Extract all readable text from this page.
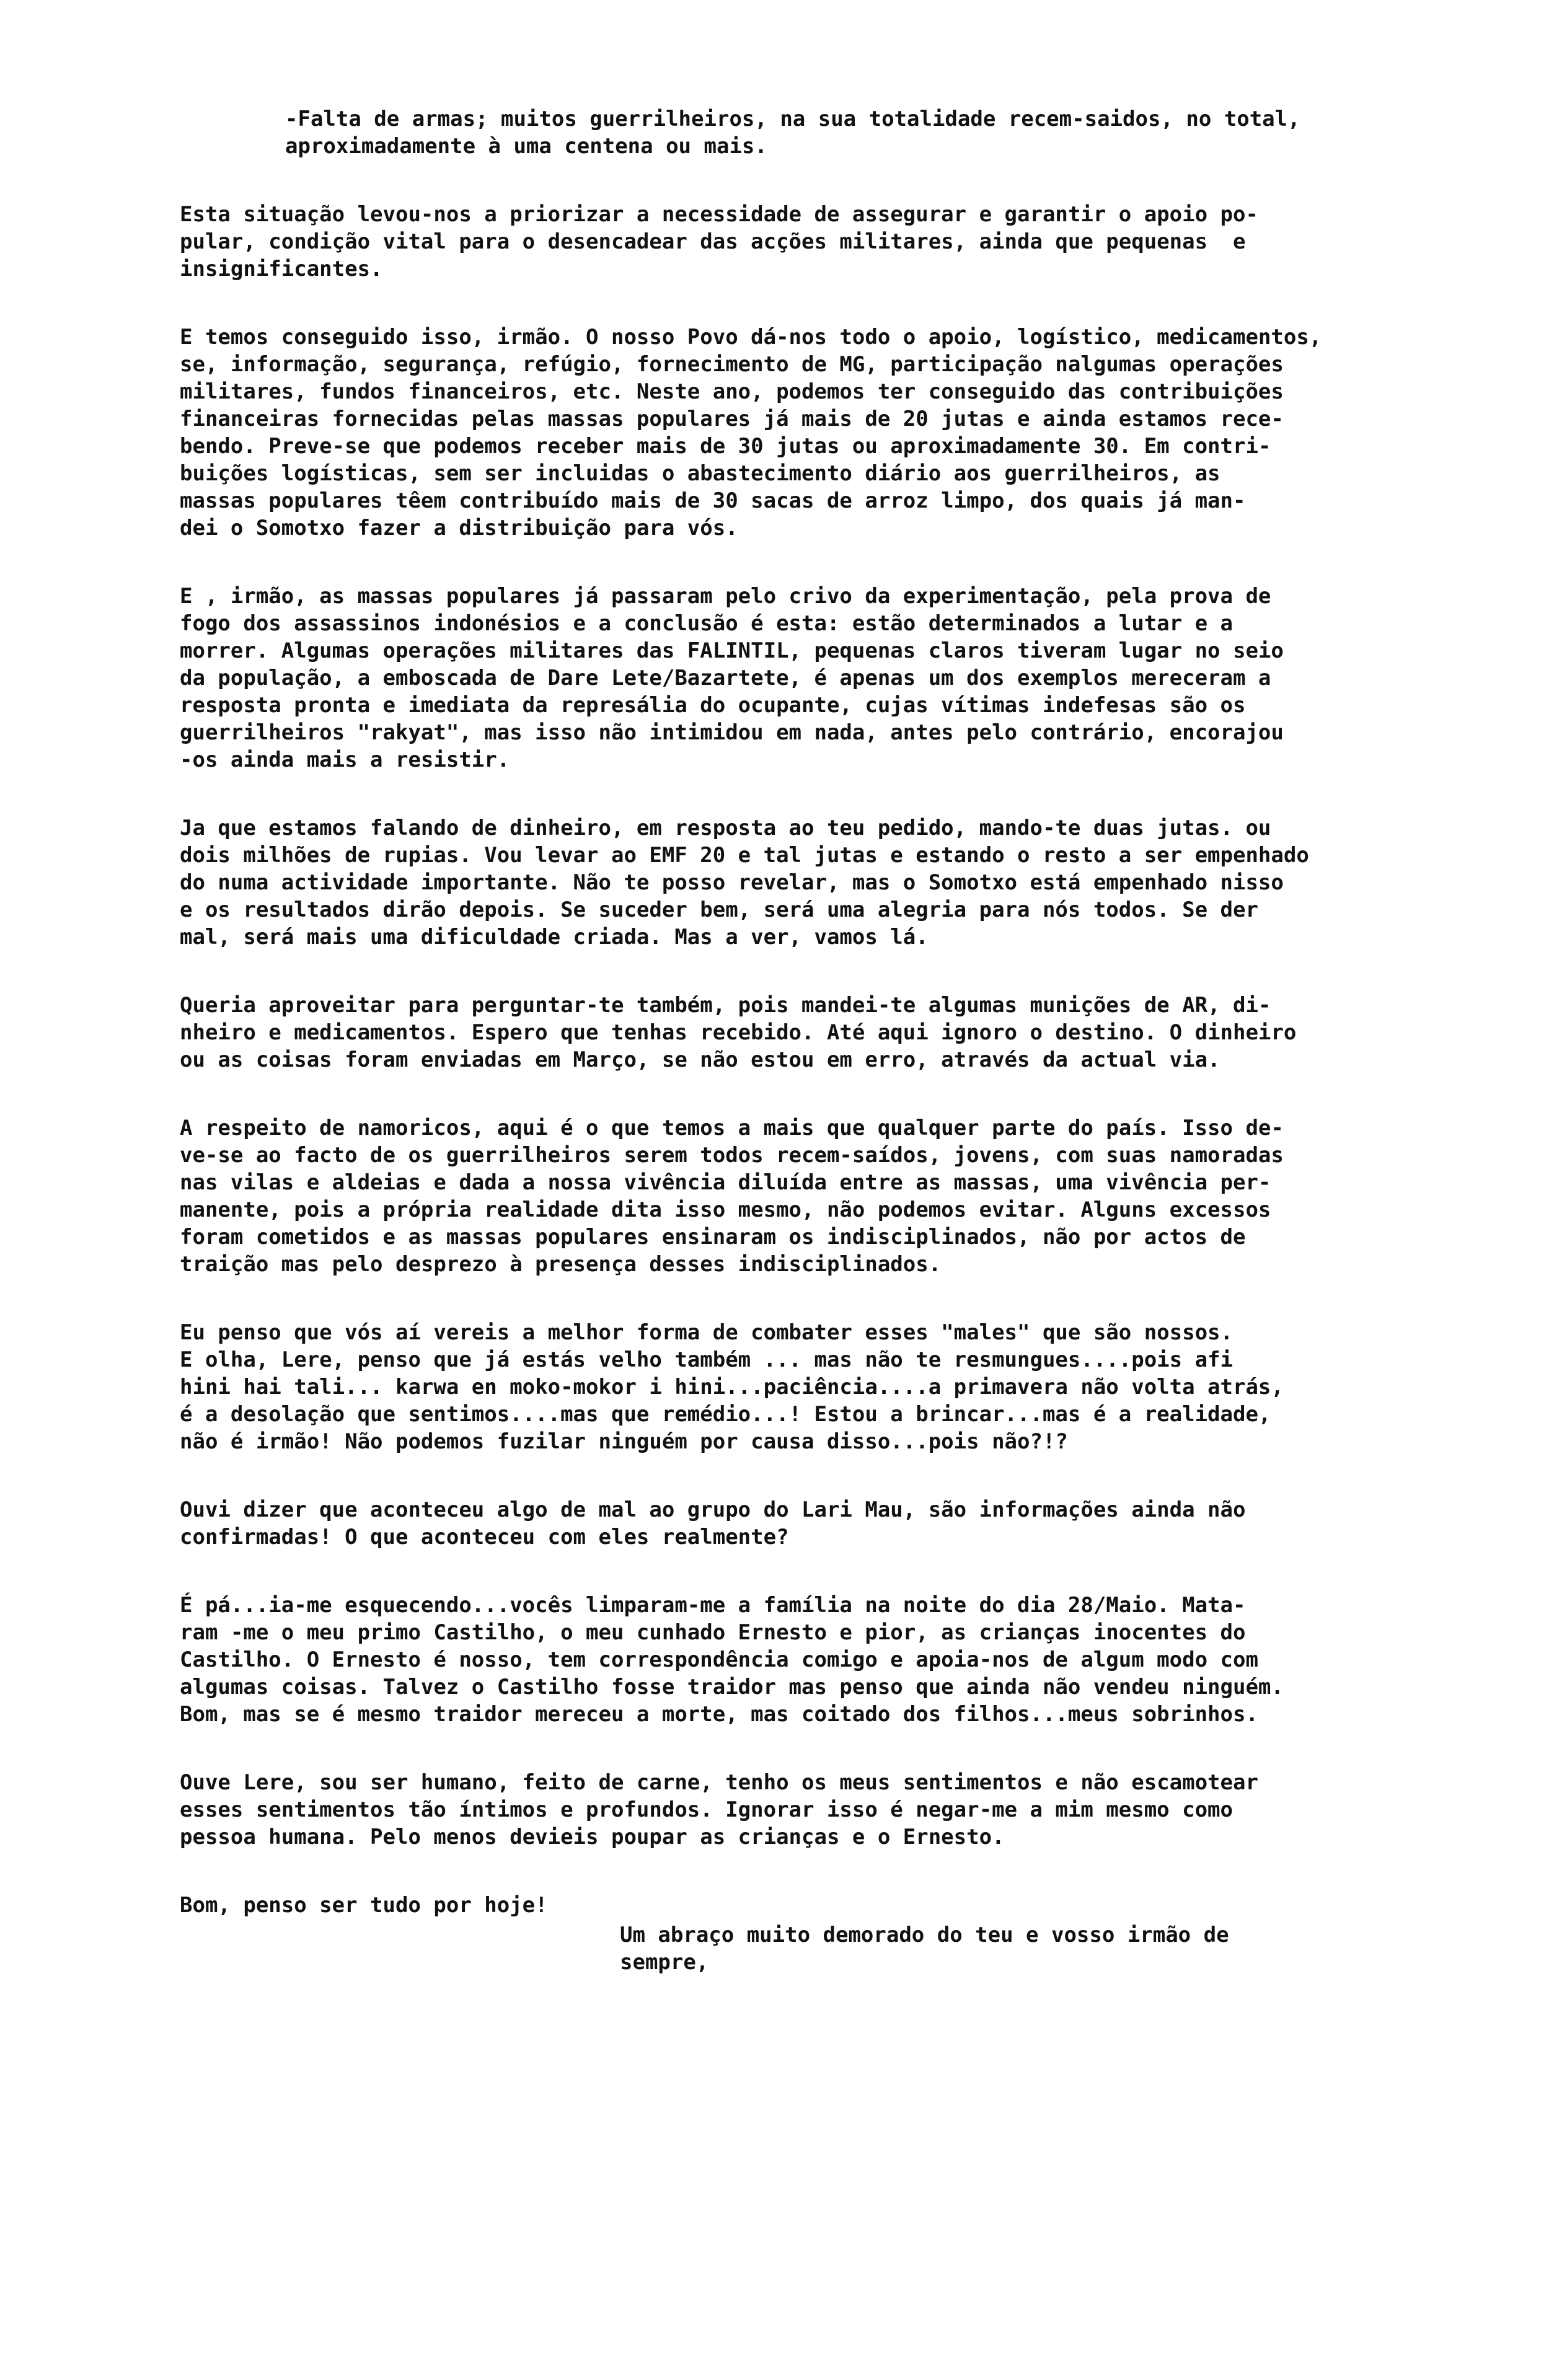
-Falta de armas; muitos guerrilheiros, na sua totalidade recem-saidos, no total,
aproximadamente à uma centena ou mais.

Esta situação levou-nos a priorizar a necessidade de assegurar e garantir o apoio po-
pular, condição vital para o desencadear das acções militares, ainda que pequenas  e
insignificantes.

E temos conseguido isso, irmão. O nosso Povo dá-nos todo o apoio, logístico, medicamentos,
se, informação, segurança, refúgio, fornecimento de MG, participação nalgumas operações
militares, fundos financeiros, etc. Neste ano, podemos ter conseguido das contribuições
financeiras fornecidas pelas massas populares já mais de 20 jutas e ainda estamos rece-
bendo. Preve-se que podemos receber mais de 30 jutas ou aproximadamente 30. Em contri-
buições logísticas, sem ser incluidas o abastecimento diário aos guerrilheiros, as
massas populares têem contribuído mais de 30 sacas de arroz limpo, dos quais já man-
dei o Somotxo fazer a distribuição para vós.

E , irmão, as massas populares já passaram pelo crivo da experimentação, pela prova de
fogo dos assassinos indonésios e a conclusão é esta: estão determinados a lutar e a
morrer. Algumas operações militares das FALINTIL, pequenas claros tiveram lugar no seio
da população, a emboscada de Dare Lete/Bazartete, é apenas um dos exemplos mereceram a
resposta pronta e imediata da represália do ocupante, cujas vítimas indefesas são os
guerrilheiros "rakyat", mas isso não intimidou em nada, antes pelo contrário, encorajou
-os ainda mais a resistir.

Ja que estamos falando de dinheiro, em resposta ao teu pedido, mando-te duas jutas. ou
dois milhões de rupias. Vou levar ao EMF 20 e tal jutas e estando o resto a ser empenhado
do numa actividade importante. Não te posso revelar, mas o Somotxo está empenhado nisso
e os resultados dirão depois. Se suceder bem, será uma alegria para nós todos. Se der
mal, será mais uma dificuldade criada. Mas a ver, vamos lá.

Queria aproveitar para perguntar-te também, pois mandei-te algumas munições de AR, di-
nheiro e medicamentos. Espero que tenhas recebido. Até aqui ignoro o destino. O dinheiro
ou as coisas foram enviadas em Março, se não estou em erro, através da actual via.

A respeito de namoricos, aqui é o que temos a mais que qualquer parte do país. Isso de-
ve-se ao facto de os guerrilheiros serem todos recem-saídos, jovens, com suas namoradas
nas vilas e aldeias e dada a nossa vivência diluída entre as massas, uma vivência per-
manente, pois a própria realidade dita isso mesmo, não podemos evitar. Alguns excessos
foram cometidos e as massas populares ensinaram os indisciplinados, não por actos de
traição mas pelo desprezo à presença desses indisciplinados.

Eu penso que vós aí vereis a melhor forma de combater esses "males" que são nossos.
E olha, Lere, penso que já estás velho também ... mas não te resmungues....pois afi
hini hai tali... karwa en moko-mokor i hini...paciência....a primavera não volta atrás,
é a desolação que sentimos....mas que remédio...! Estou a brincar...mas é a realidade,
não é irmão! Não podemos fuzilar ninguém por causa disso...pois não?!?

Ouvi dizer que aconteceu algo de mal ao grupo do Lari Mau, são informações ainda não
confirmadas! O que aconteceu com eles realmente?

É pá...ia-me esquecendo...vocês limparam-me a família na noite do dia 28/Maio. Mata-
ram -me o meu primo Castilho, o meu cunhado Ernesto e pior, as crianças inocentes do
Castilho. O Ernesto é nosso, tem correspondência comigo e apoia-nos de algum modo com
algumas coisas. Talvez o Castilho fosse traidor mas penso que ainda não vendeu ninguém.
Bom, mas se é mesmo traidor mereceu a morte, mas coitado dos filhos...meus sobrinhos.

Ouve Lere, sou ser humano, feito de carne, tenho os meus sentimentos e não escamotear
esses sentimentos tão íntimos e profundos. Ignorar isso é negar-me a mim mesmo como
pessoa humana. Pelo menos devieis poupar as crianças e o Ernesto.

Bom, penso ser tudo por hoje!

Um abraço muito demorado do teu e vosso irmão de
sempre,
